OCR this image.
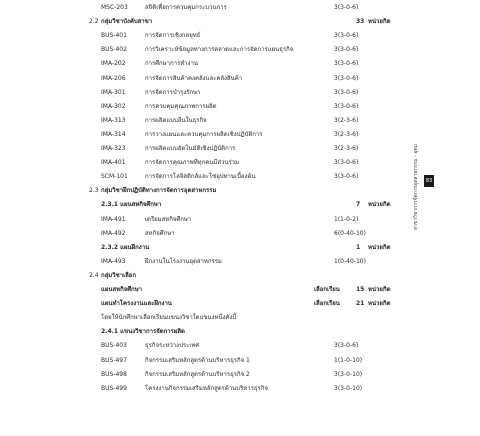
MSC-203	สถิติเพื่อการควบคุมกระบวนการ	3(3-0-6)
2.2 กลุ่มวิชาบังคับสาขา	33 หน่วยกิต
BUS-401	การจัดการเชิงกลยุทธ์	3(3-0-6)
BUS-402	การวิเคราะห์ข้อมูลทางการตลาดและการจัดการแผนธุรกิจ	3(3-0-6)
IMA-202	การศึกษาการทำงาน	3(3-0-6)
IMA-206	การจัดการสินค้าคงคลังและคลังสินค้า	3(3-0-6)
IMA-301	การจัดการบำรุงรักษา	3(3-0-6)
IMA-302	การควบคุมคุณภาพการผลิต	3(3-0-6)
IMA-313	การผลิตแบบลีนในธุรกิจ	3(2-3-6)
IMA-314	การวางแผนและควบคุมการผลิตเชิงปฏิบัติการ	3(2-3-6)
IMA-323	การผลิตแบบอัตโนมัติเชิงปฏิบัติการ	3(2-3-6)
IMA-401	การจัดการคุณภาพที่ทุกคนมีส่วนร่วม	3(3-0-6)
SCM-101	การจัดการโลจิสติกส์และโซ่อุปทานเบื้องต้น	3(3-0-6)
2.3 กลุ่มวิชาฝึกปฏิบัติทางการจัดการอุตสาหกรรม
2.3.1 แผนสหกิจศึกษา	7 หน่วยกิต
IMA-491	เตรียมสหกิจศึกษา	1(1-0-2)
IMA-492	สหกิจศึกษา	6(0-40-10)
2.3.2 แผนฝึกงาน	1 หน่วยกิต
IMA-493	ฝึกงานในโรงงานอุตสาหกรรม	1(0-40-10)
2.4 กลุ่มวิชาเลือก
แผนสหกิจศึกษา	เลือกเรียน	15 หน่วยกิต
แผนทำโครงงานและฝึกงาน	เลือกเรียน	21 หน่วยกิต
โดยให้นักศึกษาเลือกเรียนแขนงวิชาใดแขนงหนึ่งดังนี้
2.4.1 แขนงวิชาการจัดการผลิต
BUS-403	ธุรกิจระหว่างประเทศ	3(3-0-6)
BUS-497	กิจกรรมเสริมหลักสูตรด้านบริหารธุรกิจ 1	1(1-0-10)
BUS-498	กิจกรรมเสริมหลักสูตรด้านบริหารธุรกิจ 2	3(3-0-10)
BUS-499	โครงงานกิจกรรมเสริมหลักสูตรด้านบริหารธุรกิจ	3(3-0-10)
83
สาขาวิชาการจัดการอุตสาหกรรม - อุดม
